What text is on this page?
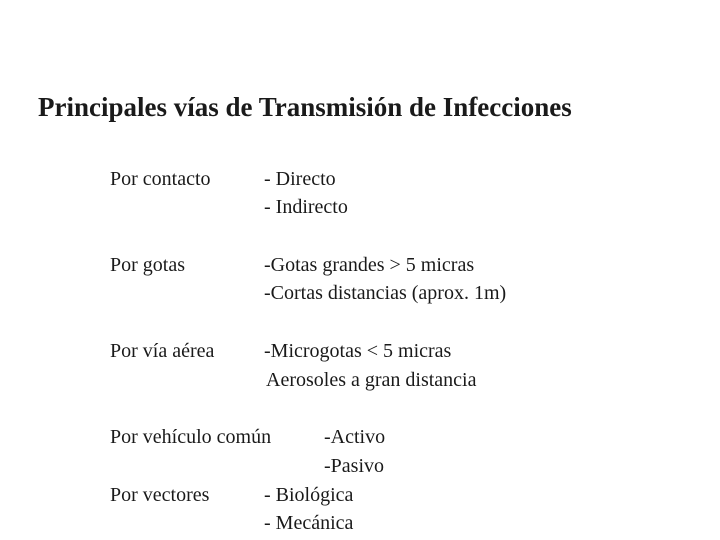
Principales vías de Transmisión de Infecciones
Por contacto	- Directo
- Indirecto
Por gotas	-Gotas grandes > 5 micras
-Cortas distancias (aprox. 1m)
Por vía aérea -Microgotas < 5 micras
Aerosoles a gran distancia
Por vehículo común	-Activo
-Pasivo
Por vectores	- Biológica
- Mecánica
